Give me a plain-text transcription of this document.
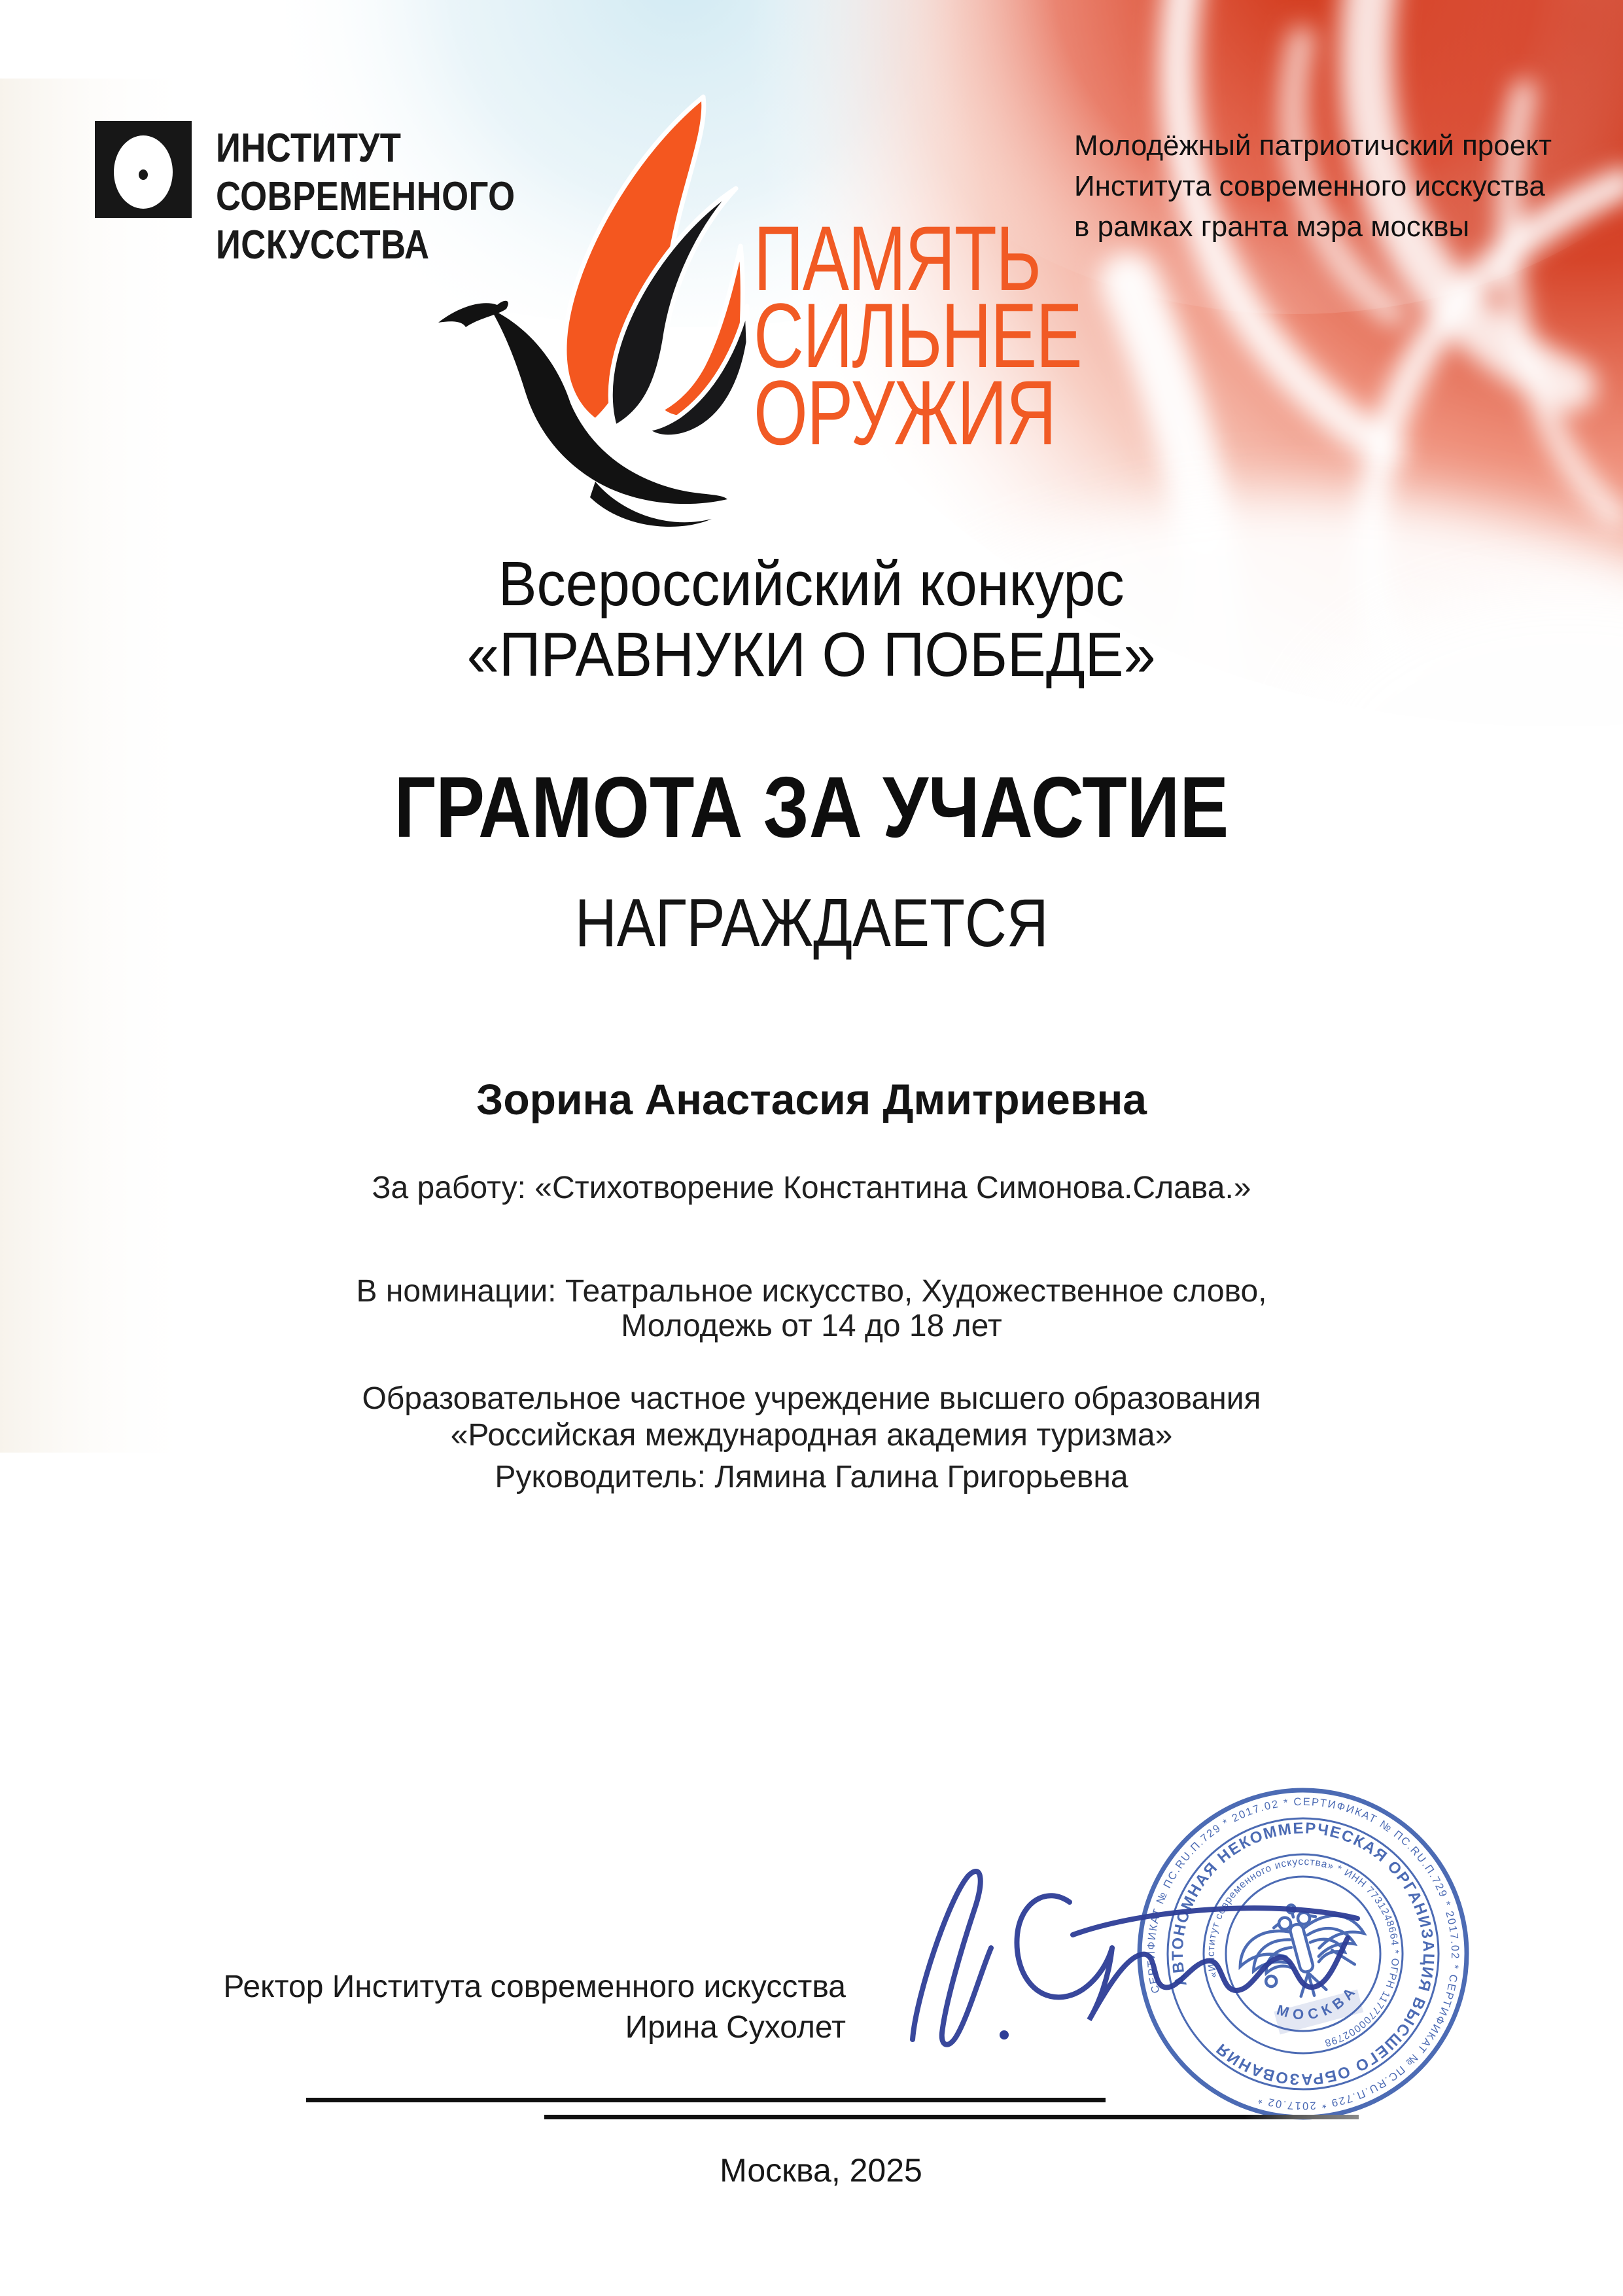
ИНСТИТУТ
СОВРЕМЕННОГО
ИСКУССТВА
Молодёжный патриотичский проект
Института современного исскуства
в рамках гранта мэра москвы
ПАМЯТЬ
СИЛЬНЕЕ
ОРУЖИЯ
Всероссийский конкурс
«ПРАВНУКИ О ПОБЕДЕ»
ГРАМОТА ЗА УЧАСТИЕ
НАГРАЖДАЕТСЯ
Зорина Анастасия Дмитриевна
За работу: «Стихотворение Константина Симонова.Слава.»
В номинации: Театральное искусство, Художественное слово,
Молодежь от 14 до 18 лет
Образовательное частное учреждение высшего образования
«Российская международная академия туризма»
Руководитель: Лямина Галина Григорьевна
Ректор Института современного искусства
Ирина Сухолет
СЕРТИФИКАТ № ПС.RU.П.729 * 2017.02 * СЕРТИФИКАТ № ПС.RU.П.729 * 2017.02 * СЕРТИФИКАТ № ПС.RU.П.729 * 2017.02 *
АВТОНОМНАЯ НЕКОММЕРЧЕСКАЯ ОРГАНИЗАЦИЯ ВЫСШЕГО ОБРАЗОВАНИЯ
«Институт современного искусства» * ИНН 7731248664 * ОГРН 1177700002798
МОСКВА
Москва, 2025
